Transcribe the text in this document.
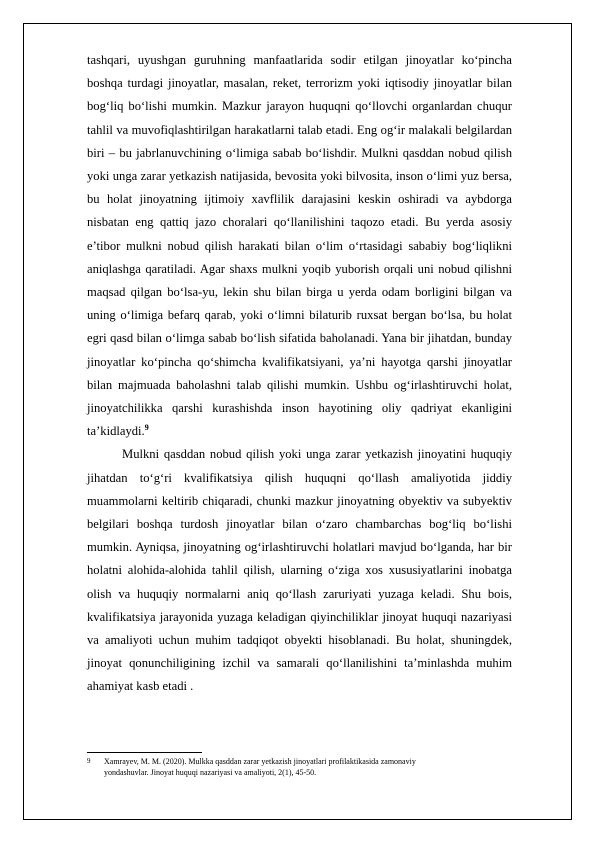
tashqari, uyushgan guruhning manfaatlarida sodir etilgan jinoyatlar ko‘pincha boshqa turdagi jinoyatlar, masalan, reket, terrorizm yoki iqtisodiy jinoyatlar bilan bog‘liq bo‘lishi mumkin. Mazkur jarayon huquqni qo‘llovchi organlardan chuqur tahlil va muvofiqlashtirilgan harakatlarni talab etadi. Eng og‘ir malakali belgilardan biri – bu jabrlanuvchining o‘limiga sabab bo‘lishdir. Mulkni qasddan nobud qilish yoki unga zarar yetkazish natijasida, bevosita yoki bilvosita, inson o‘limi yuz bersa, bu holat jinoyatning ijtimoiy xavflilik darajasini keskin oshiradi va aybdorga nisbatan eng qattiq jazo choralari qo‘llanilishini taqozo etadi. Bu yerda asosiy e’tibor mulkni nobud qilish harakati bilan o‘lim o‘rtasidagi sababiy bog‘liqlikni aniqlashga qaratiladi. Agar shaxs mulkni yoqib yuborish orqali uni nobud qilishni maqsad qilgan bo‘lsa-yu, lekin shu bilan birga u yerda odam borligini bilgan va uning o‘limiga befarq qarab, yoki o‘limni bilaturib ruxsat bergan bo‘lsa, bu holat egri qasd bilan o‘limga sabab bo‘lish sifatida baholanadi. Yana bir jihatdan, bunday jinoyatlar ko‘pincha qo‘shimcha kvalifikatsiyani, ya’ni hayotga qarshi jinoyatlar bilan majmuada baholashni talab qilishi mumkin. Ushbu og‘irlashtiruvchi holat, jinoyatchilikka qarshi kurashishda inson hayotining oliy qadriyat ekanligini ta’kidlaydi.$^9$

Mulkni qasddan nobud qilish yoki unga zarar yetkazish jinoyatini huquqiy jihatdan to‘g‘ri kvalifikatsiya qilish huquqni qo‘llash amaliyotida jiddiy muammolarni keltirib chiqaradi, chunki mazkur jinoyatning obyektiv va subyektiv belgilari boshqa turdosh jinoyatlar bilan o‘zaro chambarchas bog‘liq bo‘lishi mumkin. Ayniqsa, jinoyatning og‘irlashtiruvchi holatlari mavjud bo‘lganda, har bir holatni alohida-alohida tahlil qilish, ularning o‘ziga xos xususiyatlarini inobatga olish va huquqiy normalarni aniq qo‘llash zaruriyati yuzaga keladi. Shu bois, kvalifikatsiya jarayonida yuzaga keladigan qiyinchiliklar jinoyat huquqi nazariyasi va amaliyoti uchun muhim tadqiqot obyekti hisoblanadi. Bu holat, shuningdek, jinoyat qonunchiligining izchil va samarali qo‘llanilishini ta’minlashda muhim ahamiyat kasb etadi .

9 Xamrayev, M. M. (2020). Mulkka qasddan zarar yetkazish jinoyatlari profilaktikasida zamonaviy
yondashuvlar. Jinoyat huquqi nazariyasi va amaliyoti, 2(1), 45-50.
